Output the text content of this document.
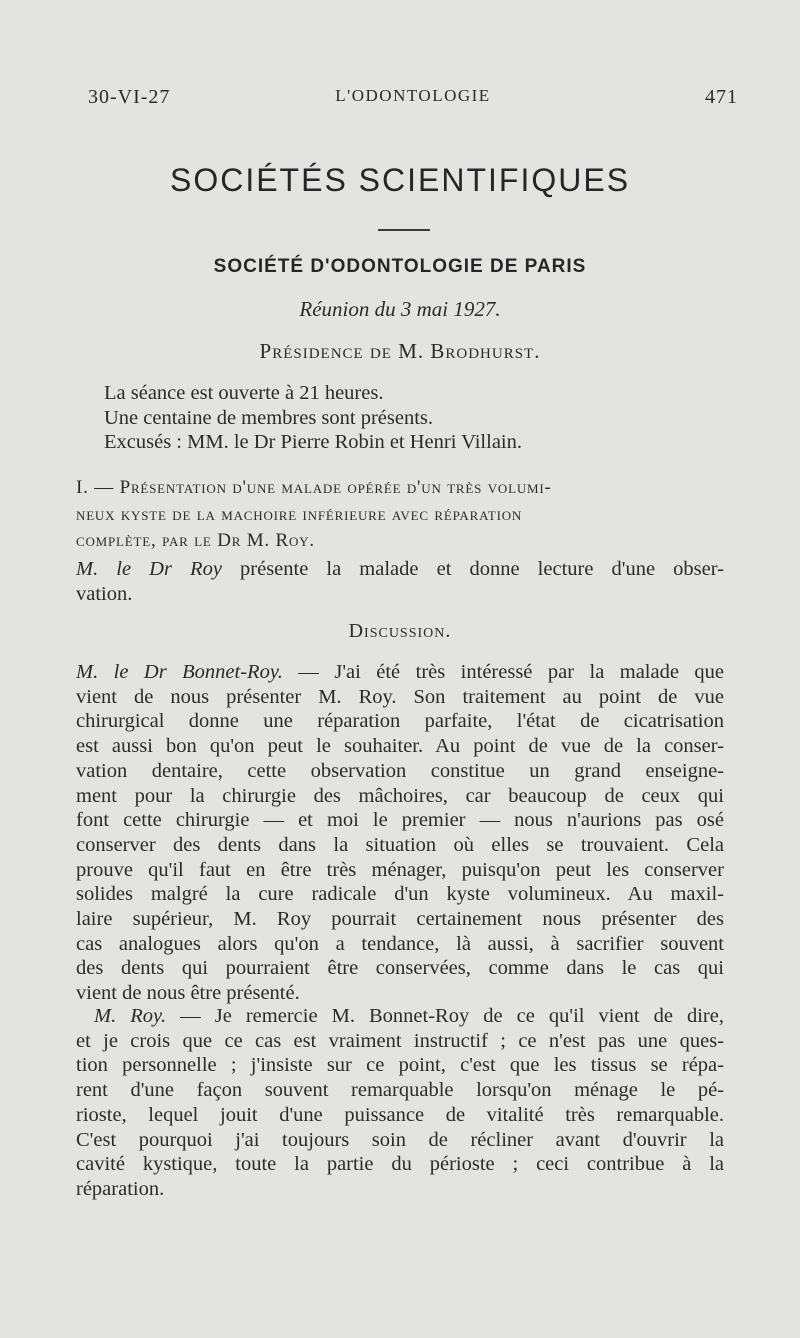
30-VI-27	L'ODONTOLOGIE	471
SOCIÉTÉS SCIENTIFIQUES
SOCIÉTÉ D'ODONTOLOGIE DE PARIS
Réunion du 3 mai 1927.
Présidence de M. Brodhurst.
La séance est ouverte à 21 heures.
Une centaine de membres sont présents.
Excusés : MM. le Dr Pierre Robin et Henri Villain.
I. — Présentation d'une malade opérée d'un très volumi-
neux kyste de la machoire inférieure avec réparation
complète, par le Dr M. Roy.
M. le Dr Roy présente la malade et donne lecture d'une obser-
vation.
Discussion.
M. le Dr Bonnet-Roy. — J'ai été très intéressé par la malade que
vient de nous présenter M. Roy. Son traitement au point de vue
chirurgical donne une réparation parfaite, l'état de cicatrisation
est aussi bon qu'on peut le souhaiter. Au point de vue de la conser-
vation dentaire, cette observation constitue un grand enseigne-
ment pour la chirurgie des mâchoires, car beaucoup de ceux qui
font cette chirurgie — et moi le premier — nous n'aurions pas osé
conserver des dents dans la situation où elles se trouvaient. Cela
prouve qu'il faut en être très ménager, puisqu'on peut les conserver
solides malgré la cure radicale d'un kyste volumineux. Au maxil-
laire supérieur, M. Roy pourrait certainement nous présenter des
cas analogues alors qu'on a tendance, là aussi, à sacrifier souvent
des dents qui pourraient être conservées, comme dans le cas qui
vient de nous être présenté.
M. Roy. — Je remercie M. Bonnet-Roy de ce qu'il vient de dire,
et je crois que ce cas est vraiment instructif ; ce n'est pas une ques-
tion personnelle ; j'insiste sur ce point, c'est que les tissus se répa-
rent d'une façon souvent remarquable lorsqu'on ménage le pé-
rioste, lequel jouit d'une puissance de vitalité très remarquable.
C'est pourquoi j'ai toujours soin de récliner avant d'ouvrir la
cavité kystique, toute la partie du périoste ; ceci contribue à la
réparation.
